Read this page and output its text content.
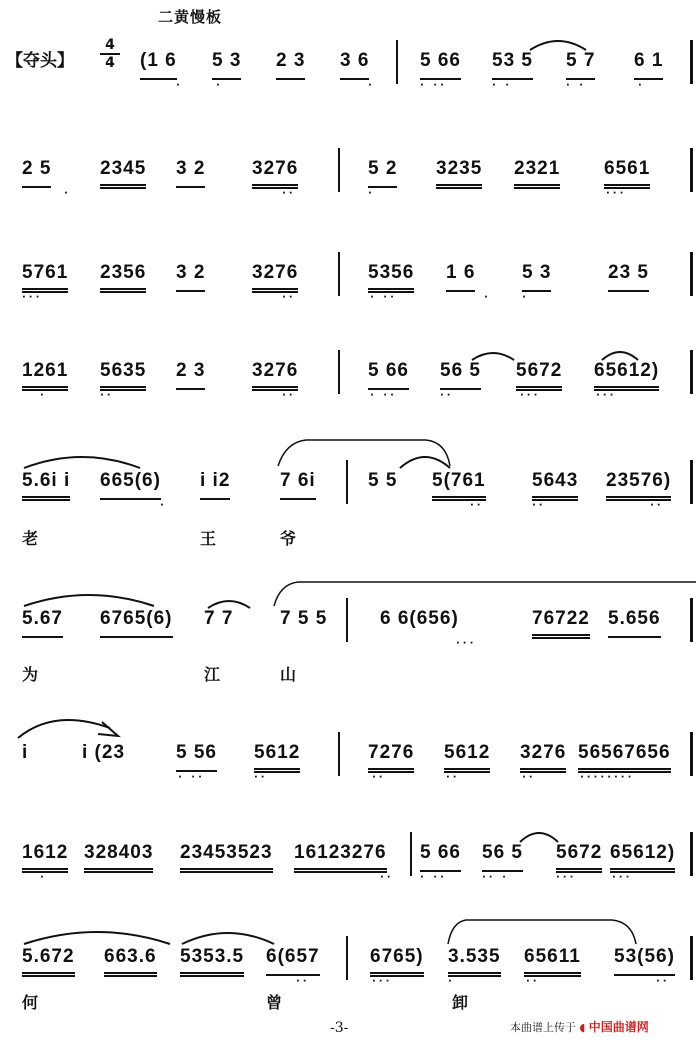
二黄慢板
【夺头】
4
4 (1 6 5 3 2 3 3 6	5 66 53 5 5 7 6 1
·	·	·	· ··	· ·	· ·	·
2 5	2345 3 2 3276	5 2 3235 2321 6561
·	··	·	···
5761 2356 3 2 3276	5356 1 6 5 3	23 5
···	··	· ··	·	·
1261 5635 2 3 3276	5 66 56 5 5672 65612)
·	··	··	· ··	··	···	···
5.6i i 665(6) i i2	7 6i	5 5 5(761 5643 23576)
·	··	··	··
老	王	爷
5.67 6765(6) 7 7 7 5 5	6 6(656)	76722 5.656
···
为	江	山
i	i (23	5 56 5612	7276 5612 3276 56567656
· ··	··	··	··	··	········
1612 328403 23453523 16123276 5 66 56 5 5672 65612)
·	··	· ··	·· ·	···	···
5.672 663.6 5353.5 6(657	6765) 3.535 65611 53(56)
··	···	·	··	··
何	曾	卸
-3-	本曲谱上传于 ◖ 中国曲谱网
